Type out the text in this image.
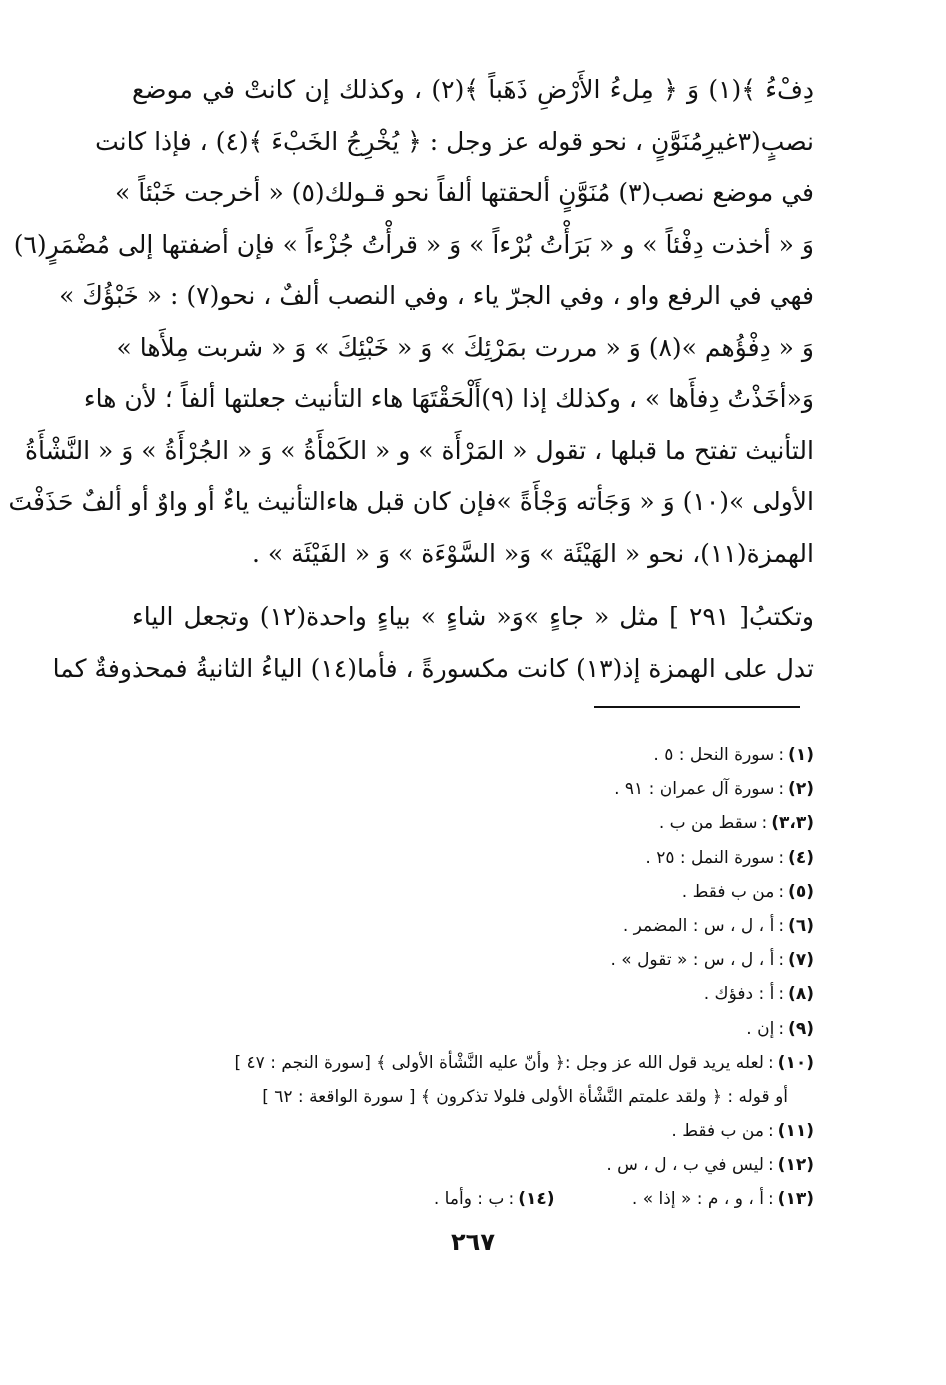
دِفْءُ ﴾(١) وَ ﴿ مِلءُ الأَرْضِ ذَهَباً ﴾(٢) ، وكذلك إن كانتْ في موضع
نصبٍ(٣غيرِمُنَوَّنٍ ، نحو قوله عز وجل : ﴿ يُخْرِجُ الخَبْءَ ﴾(٤) ، فإذا كانت
في موضع نصب(٣) مُنَوَّنٍ ألحقتها ألفاً نحو قـولك(٥) « أخرجت خَبْئاً »
وَ « أخذت دِفْئاً » و « بَرَأْتُ بُرْءاً » وَ « قرأْتُ جُزْءاً » فإن أضفتها إلى مُضْمَرٍ(٦)
فهي في الرفع واو ، وفي الجرّ ياء ، وفي النصب ألفٌ ، نحو(٧) : « خَبْؤُكَ »
وَ « دِفْؤُهم »(٨) وَ « مررت بمَرْئِكَ » وَ « خَبْئِكَ » وَ « شربت مِلأَها »
وَ«أخَذْتُ دِفأَها » ، وكذلك إذا (٩)أَلْحَقْتَهَا هاء التأنيث جعلتها ألفاً ؛ لأن هاء
التأنيث تفتح ما قبلها ، تقول « المَرْأَة » و « الكَمْأَةُ » وَ « الجُرْأَةُ » وَ « النَّشْأَةُ
الأولى »(١٠) وَ « وَجَأته وَجْأَةً »فإن كان قبل هاءالتأنيث ياءٌ أو واوٌ أو ألفٌ حَذَفْتَ
الهمزة(١١)، نحو « الهَيْئَة » وَ« السَّوْءَة » وَ « الفَيْئَة » .
وتكتبُ[ ٢٩١ ] مثل « جاءٍ »وَ« شاءٍ » بياءٍ واحدة(١٢) وتجعل الياء
تدل على الهمزة إذ(١٣) كانت مكسورةً ، فأما(١٤) الياءُ الثانيةُ فمحذوفةٌ كما
(١):سورة النحل : ٥ .
(٢):سورة آل عمران : ٩١ .
(٣،٣):سقط من ب .
(٤):سورة النمل : ٢٥ .
(٥):من ب فقط .
(٦):أ ، ل ، س : المضمر .
(٧):أ ، ل ، س : « تقول » .
(٨):أ : دفؤك .
(٩):إن .
(١٠):لعله يريد قول الله عز وجل :﴿ وأنّ عليه النَّشْأة الأولى ﴾ [سورة النجم : ٤٧ ]
أو قوله : ﴿ ولقد علمتم النَّشْأة الأولى فلولا تذكرون ﴾ [ سورة الواقعة : ٦٢ ]
(١١):من ب فقط .
(١٢):ليس في ب ، ل ، س .
(١٣):أ ، و ، م : « إذا » . (١٤):ب : وأما .
٢٦٧
